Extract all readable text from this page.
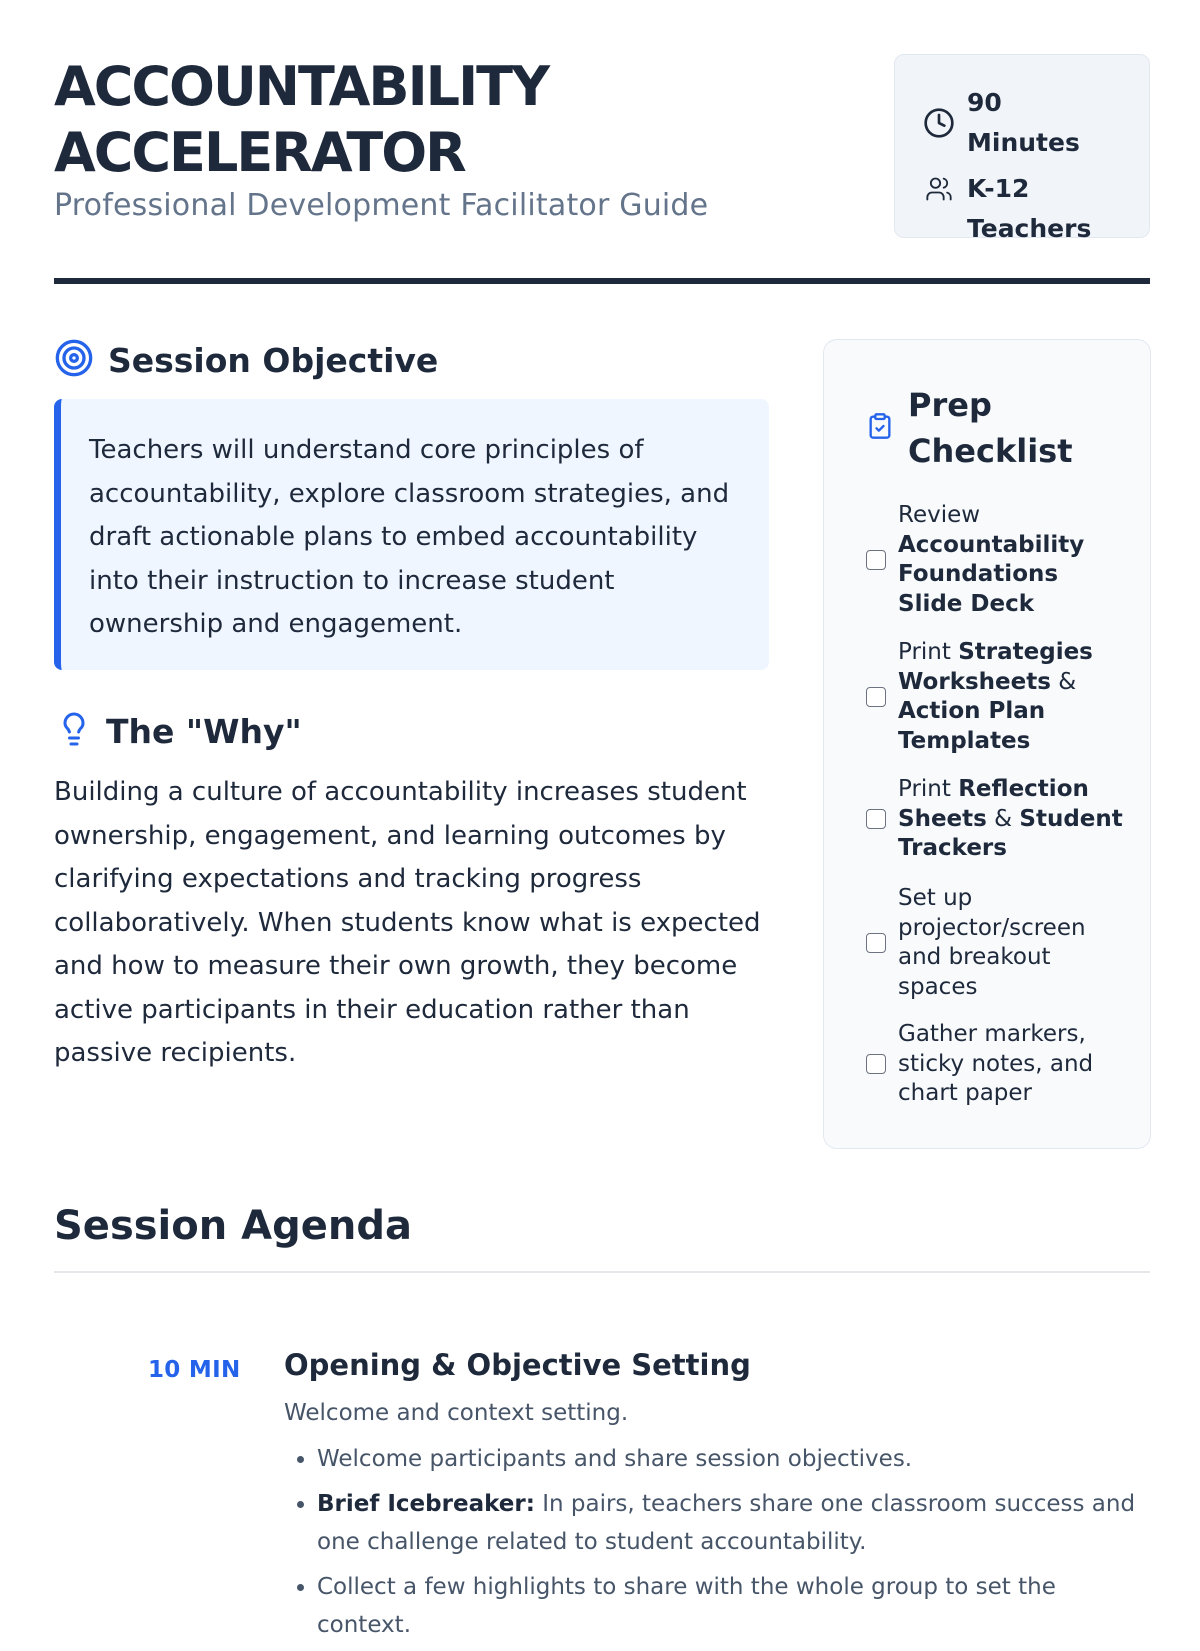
ACCOUNTABILITY
ACCELERATOR
Professional Development Facilitator Guide
90 Minutes
K-12 Teachers
Session Objective
Teachers will understand core principles of accountability, explore classroom strategies, and draft actionable plans to embed accountability into their instruction to increase student ownership and engagement.
The "Why"
Building a culture of accountability increases student ownership, engagement, and learning outcomes by clarifying expectations and tracking progress collaboratively. When students know what is expected and how to measure their own growth, they become active participants in their education rather than passive recipients.
Prep Checklist
Review Accountability Foundations Slide Deck
Print Strategies Worksheets & Action Plan Templates
Print Reflection Sheets & Student Trackers
Set up projector/screen and breakout spaces
Gather markers, sticky notes, and chart paper
Session Agenda
10 MIN Opening & Objective Setting
Welcome and context setting.
• Welcome participants and share session objectives.
• Brief Icebreaker: In pairs, teachers share one classroom success and one challenge related to student accountability.
• Collect a few highlights to share with the whole group to set the context.
